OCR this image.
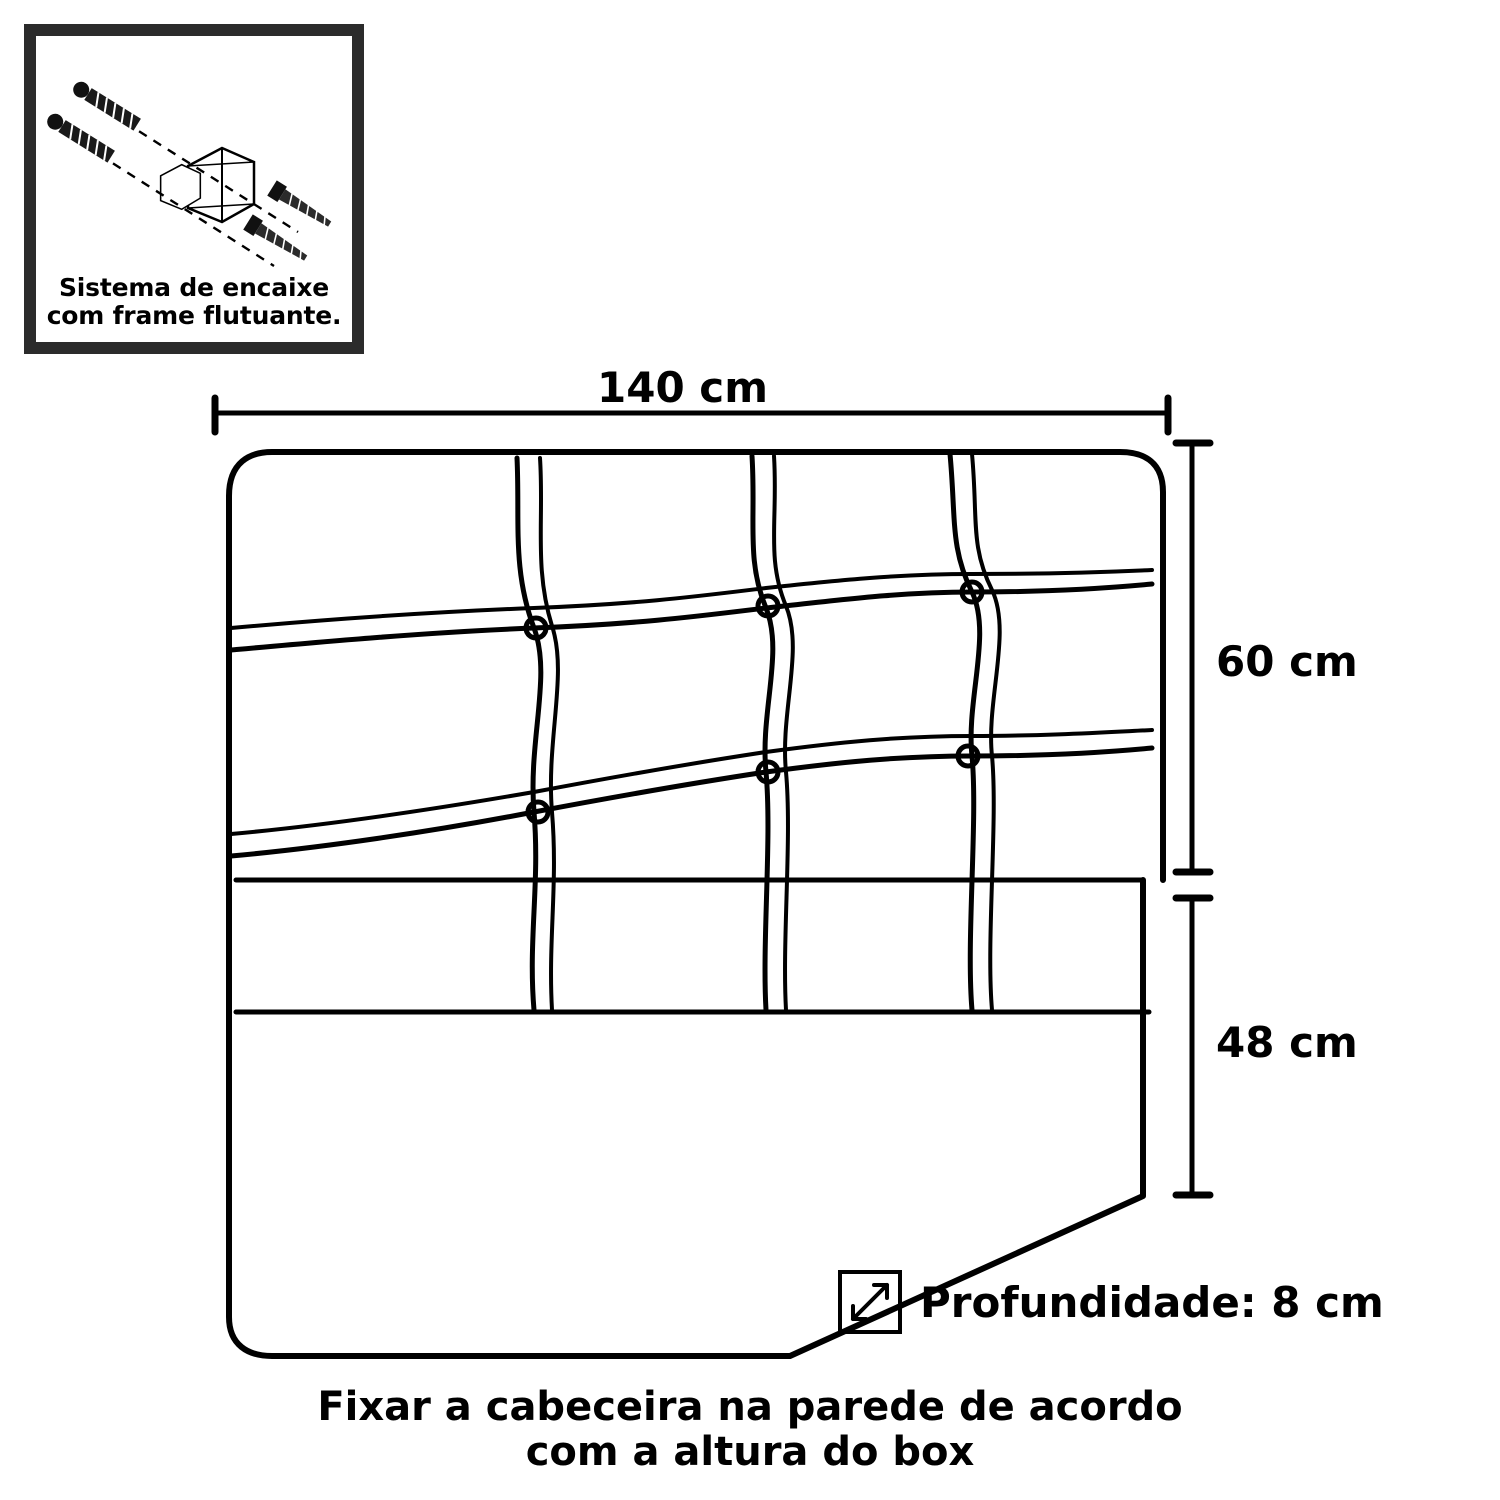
Sistema de encaixe
com frame flutuante.
140 cm
60 cm
48 cm
Profundidade: 8 cm
Fixar a cabeceira na parede de acordo
com a altura do box
